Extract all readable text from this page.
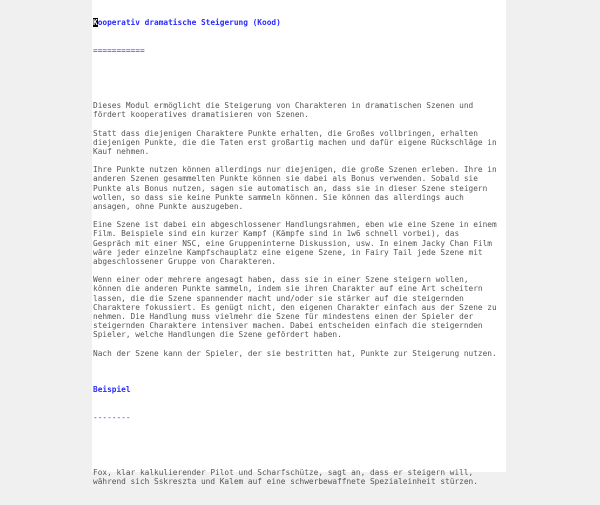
Kooperativ dramatische Steigerung (Kood)

===========

Dieses Modul ermöglicht die Steigerung von Charakteren in dramatischen Szenen und
fördert kooperatives dramatisieren von Szenen.
Statt dass diejenigen Charaktere Punkte erhalten, die Großes vollbringen, erhalten
diejenigen Punkte, die die Taten erst großartig machen und dafür eigene Rückschläge in
Kauf nehmen.
Ihre Punkte nutzen können allerdings nur diejenigen, die große Szenen erleben. Ihre in
anderen Szenen gesammelten Punkte können sie dabei als Bonus verwenden. Sobald sie
Punkte als Bonus nutzen, sagen sie automatisch an, dass sie in dieser Szene steigern
wollen, so dass sie keine Punkte sammeln können. Sie können das allerdings auch
ansagen, ohne Punkte auszugeben.
Eine Szene ist dabei ein abgeschlossener Handlungsrahmen, eben wie eine Szene in einem
Film. Beispiele sind ein kurzer Kampf (Kämpfe sind in 1w6 schnell vorbei), das
Gespräch mit einer NSC, eine Gruppeninterne Diskussion, usw. In einem Jacky Chan Film
wäre jeder einzelne Kampfschauplatz eine eigene Szene, in Fairy Tail jede Szene mit
abgeschlossener Gruppe von Charakteren.
Wenn einer oder mehrere angesagt haben, dass sie in einer Szene steigern wollen,
können die anderen Punkte sammeln, indem sie ihren Charakter auf eine Art scheitern
lassen, die die Szene spannender macht und/oder sie stärker auf die steigernden
Charaktere fokussiert. Es genügt nicht, den eigenen Charakter einfach aus der Szene zu
nehmen. Die Handlung muss vielmehr die Szene für mindestens einen der Spieler der
steigernden Charaktere intensiver machen. Dabei entscheiden einfach die steigernden
Spieler, welche Handlungen die Szene gefördert haben.
Nach der Szene kann der Spieler, der sie bestritten hat, Punkte zur Steigerung nutzen.

Beispiel

--------

Fox, klar kalkulierender Pilot und Scharfschütze, sagt an, dass er steigern will,
während sich Sskreszta und Kalem auf eine schwerbewaffnete Spezialeinheit stürzen.
